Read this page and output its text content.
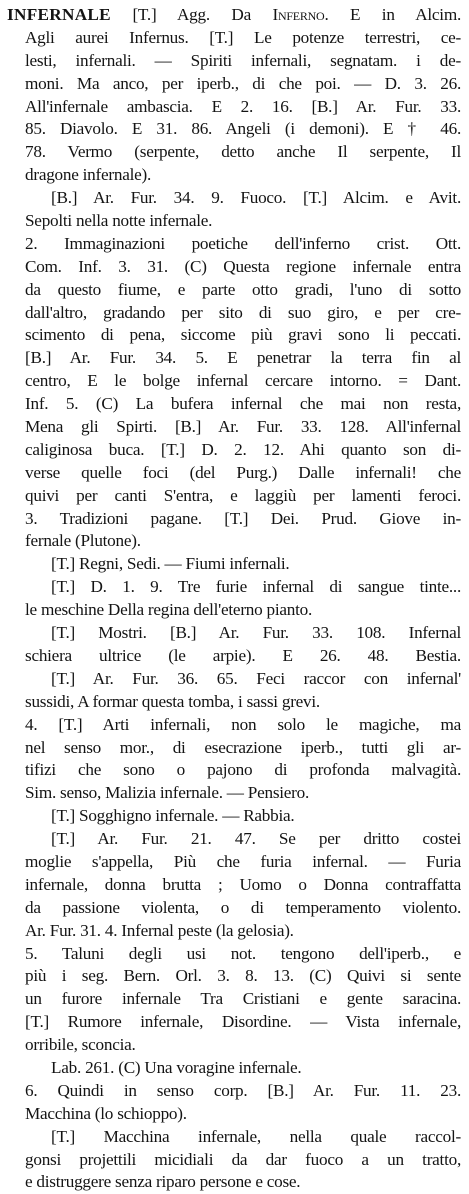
INFERNALE [T.] Agg. Da Inferno. E in Alcim.
Agli aurei Infernus. [T.] Le potenze terrestri, ce-
lesti, infernali. — Spiriti infernali, segnatam. i de-
moni. Ma anco, per iperb., di che poi. — D. 3. 26.
All'infernale ambascia. E 2. 16. [B.] Ar. Fur. 33.
85. Diavolo. E 31. 86. Angeli (i demoni). E † 46.
78. Vermo (serpente, detto anche Il serpente, Il
dragone infernale).
[B.] Ar. Fur. 34. 9. Fuoco. [T.] Alcim. e Avit.
Sepolti nella notte infernale.
2. Immaginazioni poetiche dell'inferno crist. Ott.
Com. Inf. 3. 31. (C) Questa regione infernale entra
da questo fiume, e parte otto gradi, l'uno di sotto
dall'altro, gradando per sito di suo giro, e per cre-
scimento di pena, siccome più gravi sono li peccati.
[B.] Ar. Fur. 34. 5. E penetrar la terra fin al
centro, E le bolge infernal cercare intorno. = Dant.
Inf. 5. (C) La bufera infernal che mai non resta,
Mena gli Spirti. [B.] Ar. Fur. 33. 128. All'infernal
caliginosa buca. [T.] D. 2. 12. Ahi quanto son di-
verse quelle foci (del Purg.) Dalle infernali! che
quivi per canti S'entra, e laggiù per lamenti feroci.
3. Tradizioni pagane. [T.] Dei. Prud. Giove in-
fernale (Plutone).
[T.] Regni, Sedi. — Fiumi infernali.
[T.] D. 1. 9. Tre furie infernal di sangue tinte...
le meschine Della regina dell'eterno pianto.
[T.] Mostri. [B.] Ar. Fur. 33. 108. Infernal
schiera ultrice (le arpie). E 26. 48. Bestia.
[T.] Ar. Fur. 36. 65. Feci raccor con infernal'
sussidi, A formar questa tomba, i sassi grevi.
4. [T.] Arti infernali, non solo le magiche, ma
nel senso mor., di esecrazione iperb., tutti gli ar-
tifizi che sono o pajono di profonda malvagità.
Sim. senso, Malizia infernale. — Pensiero.
[T.] Sogghigno infernale. — Rabbia.
[T.] Ar. Fur. 21. 47. Se per dritto costei
moglie s'appella, Più che furia infernal. — Furia
infernale, donna brutta ; Uomo o Donna contraffatta
da passione violenta, o di temperamento violento.
Ar. Fur. 31. 4. Infernal peste (la gelosia).
5. Taluni degli usi not. tengono dell'iperb., e
più i seg. Bern. Orl. 3. 8. 13. (C) Quivi si sente
un furore infernale Tra Cristiani e gente saracina.
[T.] Rumore infernale, Disordine. — Vista infernale,
orribile, sconcia.
Lab. 261. (C) Una voragine infernale.
6. Quindi in senso corp. [B.] Ar. Fur. 11. 23.
Macchina (lo schioppo).
[T.] Macchina infernale, nella quale raccol-
gonsi projettili micidiali da dar fuoco a un tratto,
e distruggere senza riparo persone e cose.
